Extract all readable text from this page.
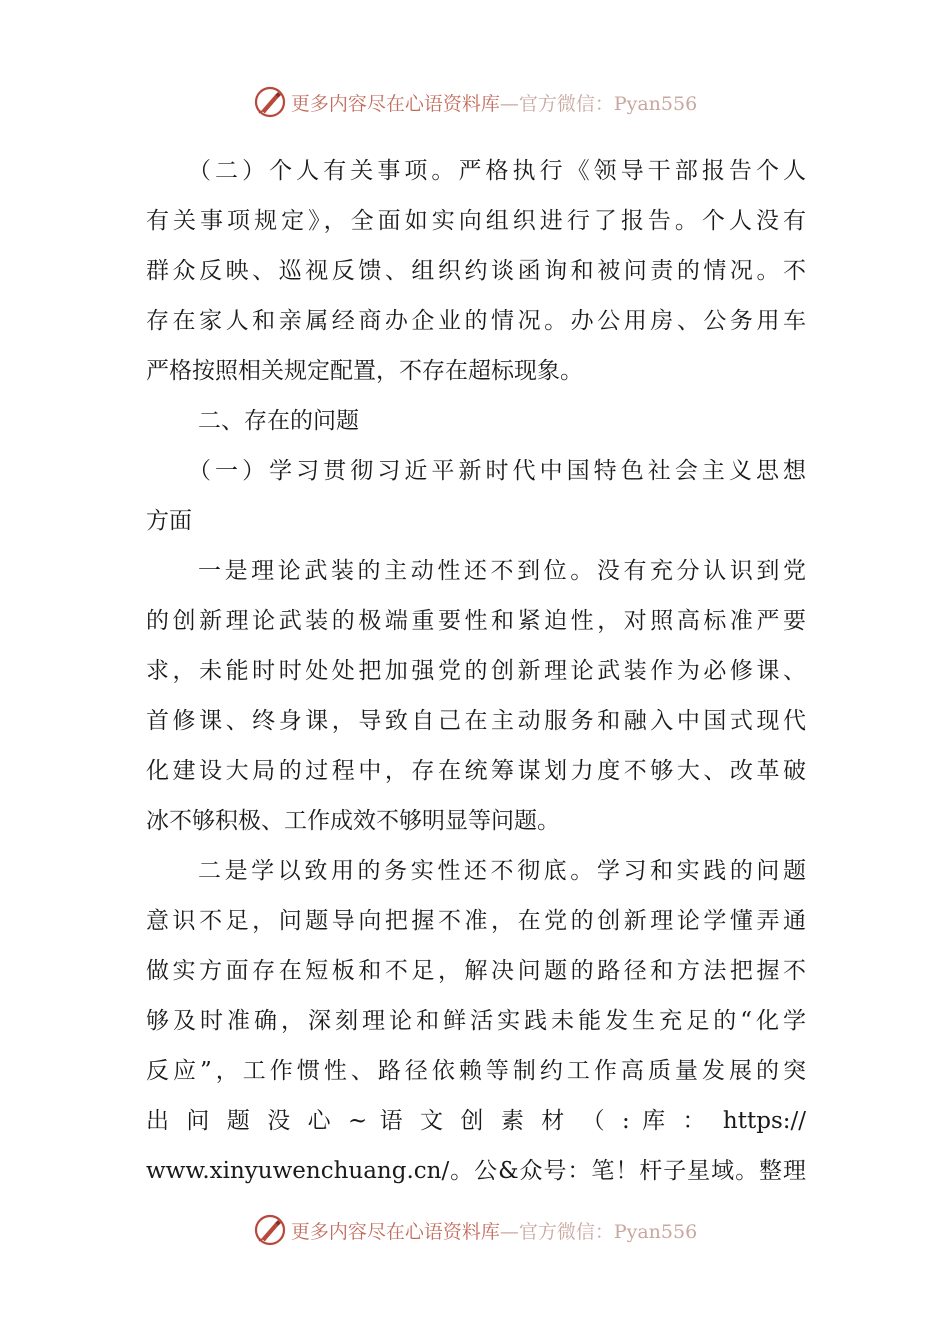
更多内容尽在心语资料库—官方微信：Pyan556
（二）个人有关事项。严格执行《领导干部报告个人
有关事项规定》，全面如实向组织进行了报告。个人没有
群众反映、巡视反馈、组织约谈函询和被问责的情况。不
存在家人和亲属经商办企业的情况。办公用房、公务用车
严格按照相关规定配置，不存在超标现象。
二、存在的问题
（一）学习贯彻习近平新时代中国特色社会主义思想
方面
一是理论武装的主动性还不到位。没有充分认识到党
的创新理论武装的极端重要性和紧迫性，对照高标准严要
求，未能时时处处把加强党的创新理论武装作为必修课、
首修课、终身课，导致自己在主动服务和融入中国式现代
化建设大局的过程中，存在统筹谋划力度不够大、改革破
冰不够积极、工作成效不够明显等问题。
二是学以致用的务实性还不彻底。学习和实践的问题
意识不足，问题导向把握不准，在党的创新理论学懂弄通
做实方面存在短板和不足，解决问题的路径和方法把握不
够及时准确，深刻理论和鲜活实践未能发生充足的“化学
反应”，工作惯性、路径依赖等制约工作高质量发展的突
出 问 题 没 心 ~ 语 文 创 素 材 （ : 库 ： https://
www.xinyuwenchuang.cn/。公&众号：笔！杆子星域。整理
更多内容尽在心语资料库—官方微信：Pyan556
